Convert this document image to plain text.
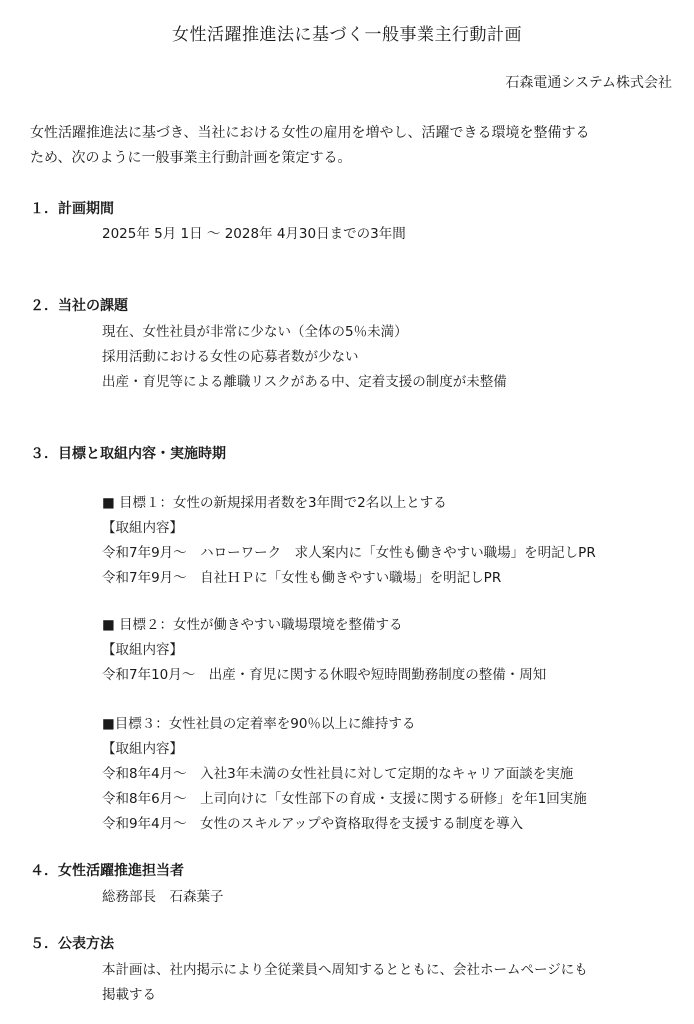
女性活躍推進法に基づく一般事業主行動計画
石森電通システム株式会社
女性活躍推進法に基づき、当社における女性の雇用を増やし、活躍できる環境を整備する
ため、次のように一般事業主行動計画を策定する。
１．計画期間
2025年 5月 1日 ～ 2028年 4月30日までの3年間
２．当社の課題
現在、女性社員が非常に少ない（全体の5％未満）
採用活動における女性の応募者数が少ない
出産・育児等による離職リスクがある中、定着支援の制度が未整備
３．目標と取組内容・実施時期
■ 目標１：女性の新規採用者数を3年間で2名以上とする
【取組内容】
令和7年9月～　ハローワーク　求人案内に「女性も働きやすい職場」を明記しPR
令和7年9月～　自社ＨＰに「女性も働きやすい職場」を明記しPR
■ 目標２：女性が働きやすい職場環境を整備する
【取組内容】
令和7年10月～　出産・育児に関する休暇や短時間勤務制度の整備・周知
■目標３：女性社員の定着率を90％以上に維持する
【取組内容】
令和8年4月～　入社3年未満の女性社員に対して定期的なキャリア面談を実施
令和8年6月～　上司向けに「女性部下の育成・支援に関する研修」を年1回実施
令和9年4月～　女性のスキルアップや資格取得を支援する制度を導入
４．女性活躍推進担当者
総務部長　石森葉子
５．公表方法
本計画は、社内掲示により全従業員へ周知するとともに、会社ホームページにも
掲載する
